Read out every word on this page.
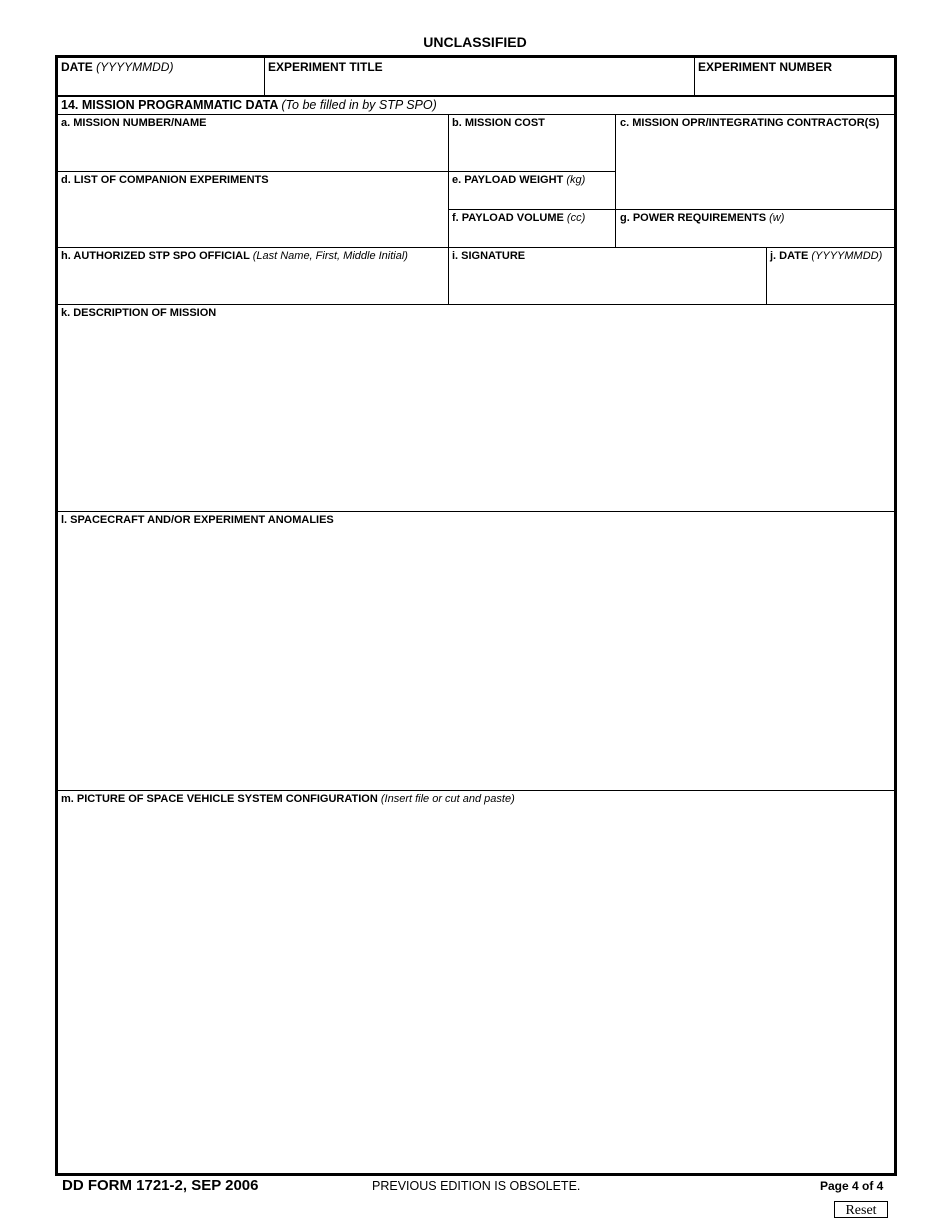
UNCLASSIFIED
DATE (YYYYMMDD)	EXPERIMENT TITLE	EXPERIMENT NUMBER
14. MISSION PROGRAMMATIC DATA (To be filled in by STP SPO)
a. MISSION NUMBER/NAME	b. MISSION COST	c. MISSION OPR/INTEGRATING CONTRACTOR(S)
d. LIST OF COMPANION EXPERIMENTS	e. PAYLOAD WEIGHT (kg)
f. PAYLOAD VOLUME (cc)	g. POWER REQUIREMENTS (w)
h. AUTHORIZED STP SPO OFFICIAL (Last Name, First, Middle Initial)	i. SIGNATURE	j. DATE (YYYYMMDD)
k. DESCRIPTION OF MISSION
l. SPACECRAFT AND/OR EXPERIMENT ANOMALIES
m. PICTURE OF SPACE VEHICLE SYSTEM CONFIGURATION (Insert file or cut and paste)
DD FORM 1721-2, SEP 2006	PREVIOUS EDITION IS OBSOLETE.	Page 4 of 4
Reset
